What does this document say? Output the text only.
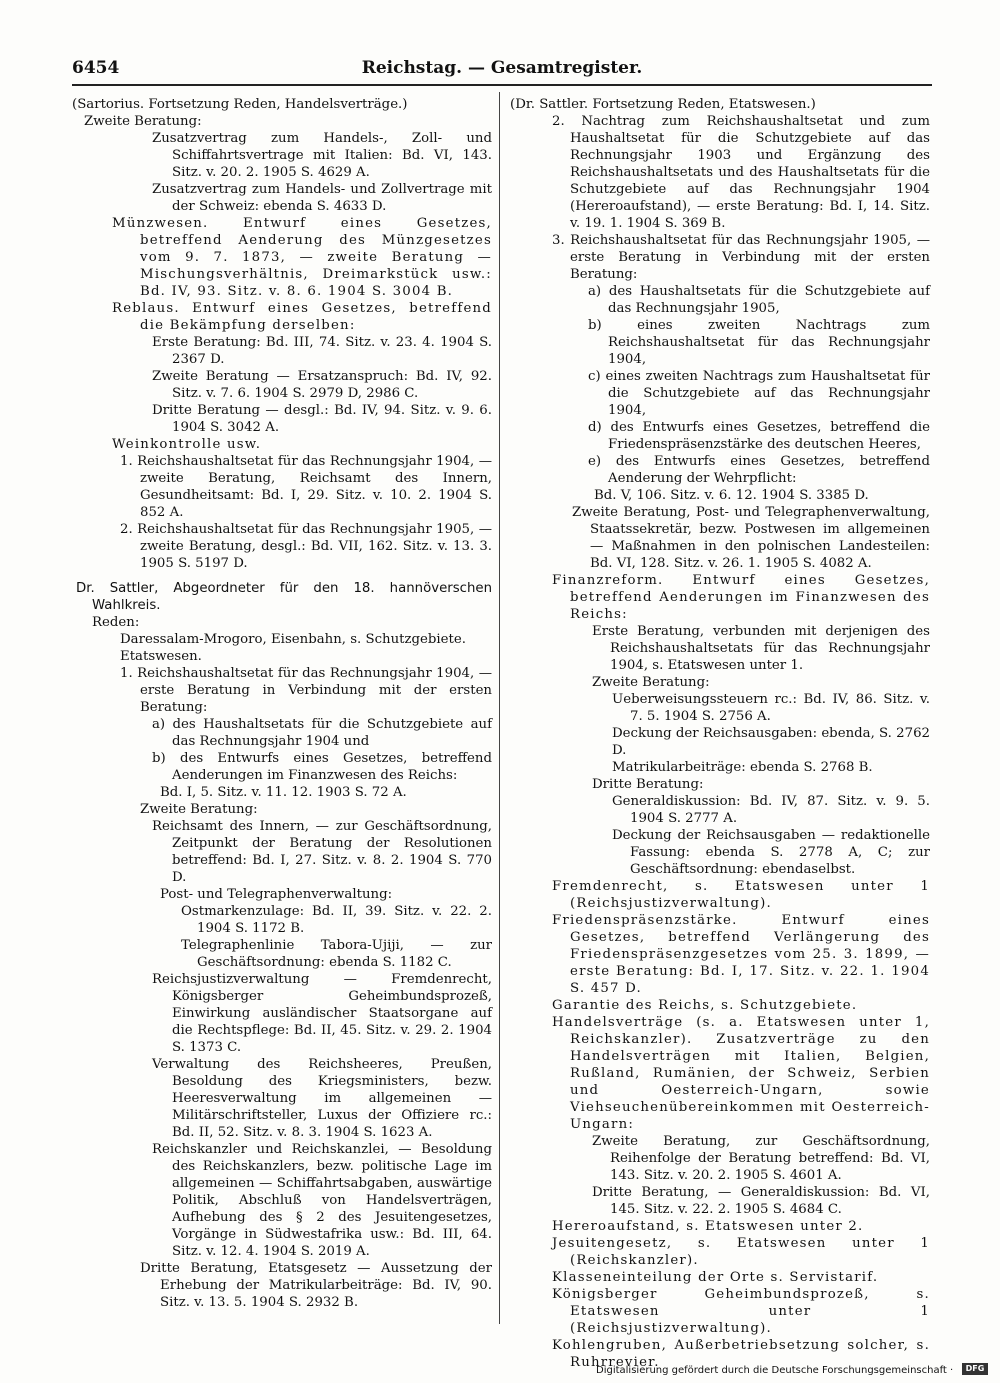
6454	Reichstag. — Gesamtregister.

(Sartorius. Fortsetzung Reden, Handelsverträge.)

Zweite Beratung:

Zusatzvertrag zum Handels-, Zoll- und Schiffahrtsvertrage mit Italien: Bd. VI, 143. Sitz. v. 20. 2. 1905 S. 4629 A.

Zusatzvertrag zum Handels- und Zollvertrage mit der Schweiz: ebenda S. 4633 D.

Münzwesen. Entwurf eines Gesetzes, betreffend Aenderung des Münzgesetzes vom 9. 7. 1873, — zweite Beratung — Mischungsverhältnis, Dreimarkstück usw.: Bd. IV, 93. Sitz. v. 8. 6. 1904 S. 3004 B.

Reblaus. Entwurf eines Gesetzes, betreffend die Bekämpfung derselben:

Erste Beratung: Bd. III, 74. Sitz. v. 23. 4. 1904 S. 2367 D.

Zweite Beratung — Ersatzanspruch: Bd. IV, 92. Sitz. v. 7. 6. 1904 S. 2979 D, 2986 C.

Dritte Beratung — desgl.: Bd. IV, 94. Sitz. v. 9. 6. 1904 S. 3042 A.

Weinkontrolle usw.

1. Reichshaushaltsetat für das Rechnungsjahr 1904, — zweite Beratung, Reichsamt des Innern, Gesundheitsamt: Bd. I, 29. Sitz. v. 10. 2. 1904 S. 852 A.

2. Reichshaushaltsetat für das Rechnungsjahr 1905, — zweite Beratung, desgl.: Bd. VII, 162. Sitz. v. 13. 3. 1905 S. 5197 D.

Dr. Sattler, Abgeordneter für den 18. hannöverschen Wahlkreis.

Reden:

Daressalam-Mrogoro, Eisenbahn, s. Schutzgebiete.

Etatswesen.

1. Reichshaushaltsetat für das Rechnungsjahr 1904, — erste Beratung in Verbindung mit der ersten Beratung:

a) des Haushaltsetats für die Schutzgebiete auf das Rechnungsjahr 1904 und

b) des Entwurfs eines Gesetzes, betreffend Aenderungen im Finanzwesen des Reichs:

Bd. I, 5. Sitz. v. 11. 12. 1903 S. 72 A.

Zweite Beratung:

Reichsamt des Innern, — zur Geschäftsordnung, Zeitpunkt der Beratung der Resolutionen betreffend: Bd. I, 27. Sitz. v. 8. 2. 1904 S. 770 D.

Post- und Telegraphenverwaltung:

Ostmarkenzulage: Bd. II, 39. Sitz. v. 22. 2. 1904 S. 1172 B.

Telegraphenlinie Tabora-Ujiji, — zur Geschäftsordnung: ebenda S. 1182 C.

Reichsjustizverwaltung — Fremdenrecht, Königsberger Geheimbundsprozeß, Einwirkung ausländischer Staatsorgane auf die Rechtspflege: Bd. II, 45. Sitz. v. 29. 2. 1904 S. 1373 C.

Verwaltung des Reichsheeres, Preußen, Besoldung des Kriegsministers, bezw. Heeresverwaltung im allgemeinen — Militärschriftsteller, Luxus der Offiziere rc.: Bd. II, 52. Sitz. v. 8. 3. 1904 S. 1623 A.

Reichskanzler und Reichskanzlei, — Besoldung des Reichskanzlers, bezw. politische Lage im allgemeinen — Schiffahrtsabgaben, auswärtige Politik, Abschluß von Handelsverträgen, Aufhebung des § 2 des Jesuitengesetzes, Vorgänge in Südwestafrika usw.: Bd. III, 64. Sitz. v. 12. 4. 1904 S. 2019 A.

Dritte Beratung, Etatsgesetz — Aussetzung der Erhebung der Matrikularbeiträge: Bd. IV, 90. Sitz. v. 13. 5. 1904 S. 2932 B.

(Dr. Sattler. Fortsetzung Reden, Etatswesen.)

2. Nachtrag zum Reichshaushaltsetat und zum Haushaltsetat für die Schutzgebiete auf das Rechnungsjahr 1903 und Ergänzung des Reichshaushaltsetats und des Haushaltsetats für die Schutzgebiete auf das Rechnungsjahr 1904 (Hereroaufstand), — erste Beratung: Bd. I, 14. Sitz. v. 19. 1. 1904 S. 369 B.

3. Reichshaushaltsetat für das Rechnungsjahr 1905, — erste Beratung in Verbindung mit der ersten Beratung:

a) des Haushaltsetats für die Schutzgebiete auf das Rechnungsjahr 1905,

b) eines zweiten Nachtrags zum Reichshaushaltsetat für das Rechnungsjahr 1904,

c) eines zweiten Nachtrags zum Haushaltsetat für die Schutzgebiete auf das Rechnungsjahr 1904,

d) des Entwurfs eines Gesetzes, betreffend die Friedenspräsenzstärke des deutschen Heeres,

e) des Entwurfs eines Gesetzes, betreffend Aenderung der Wehrpflicht:

Bd. V, 106. Sitz. v. 6. 12. 1904 S. 3385 D.

Zweite Beratung, Post- und Telegraphenverwaltung, Staatssekretär, bezw. Postwesen im allgemeinen — Maßnahmen in den polnischen Landesteilen: Bd. VI, 128. Sitz. v. 26. 1. 1905 S. 4082 A.

Finanzreform. Entwurf eines Gesetzes, betreffend Aenderungen im Finanzwesen des Reichs:

Erste Beratung, verbunden mit derjenigen des Reichshaushaltsetats für das Rechnungsjahr 1904, s. Etatswesen unter 1.

Zweite Beratung:

Ueberweisungssteuern rc.: Bd. IV, 86. Sitz. v. 7. 5. 1904 S. 2756 A.

Deckung der Reichsausgaben: ebenda, S. 2762 D.

Matrikularbeiträge: ebenda S. 2768 B.

Dritte Beratung:

Generaldiskussion: Bd. IV, 87. Sitz. v. 9. 5. 1904 S. 2777 A.

Deckung der Reichsausgaben — redaktionelle Fassung: ebenda S. 2778 A, C; zur Geschäftsordnung: ebendaselbst.

Fremdenrecht, s. Etatswesen unter 1 (Reichsjustizverwaltung).

Friedenspräsenzstärke. Entwurf eines Gesetzes, betreffend Verlängerung des Friedenspräsenzgesetzes vom 25. 3. 1899, — erste Beratung: Bd. I, 17. Sitz. v. 22. 1. 1904 S. 457 D.

Garantie des Reichs, s. Schutzgebiete.

Handelsverträge (s. a. Etatswesen unter 1, Reichskanzler). Zusatzverträge zu den Handelsverträgen mit Italien, Belgien, Rußland, Rumänien, der Schweiz, Serbien und Oesterreich-Ungarn, sowie Viehseuchenübereinkommen mit Oesterreich-Ungarn:

Zweite Beratung, zur Geschäftsordnung, Reihenfolge der Beratung betreffend: Bd. VI, 143. Sitz. v. 20. 2. 1905 S. 4601 A.

Dritte Beratung, — Generaldiskussion: Bd. VI, 145. Sitz. v. 22. 2. 1905 S. 4684 C.

Hereroaufstand, s. Etatswesen unter 2.

Jesuitengesetz, s. Etatswesen unter 1 (Reichskanzler).

Klasseneinteilung der Orte s. Servistarif.

Königsberger Geheimbundsprozeß, s. Etatswesen unter 1 (Reichsjustizverwaltung).

Kohlengruben, Außerbetriebsetzung solcher, s. Ruhrrevier.

Digitalisierung gefördert durch die Deutsche Forschungsgemeinschaft ·	DFG
